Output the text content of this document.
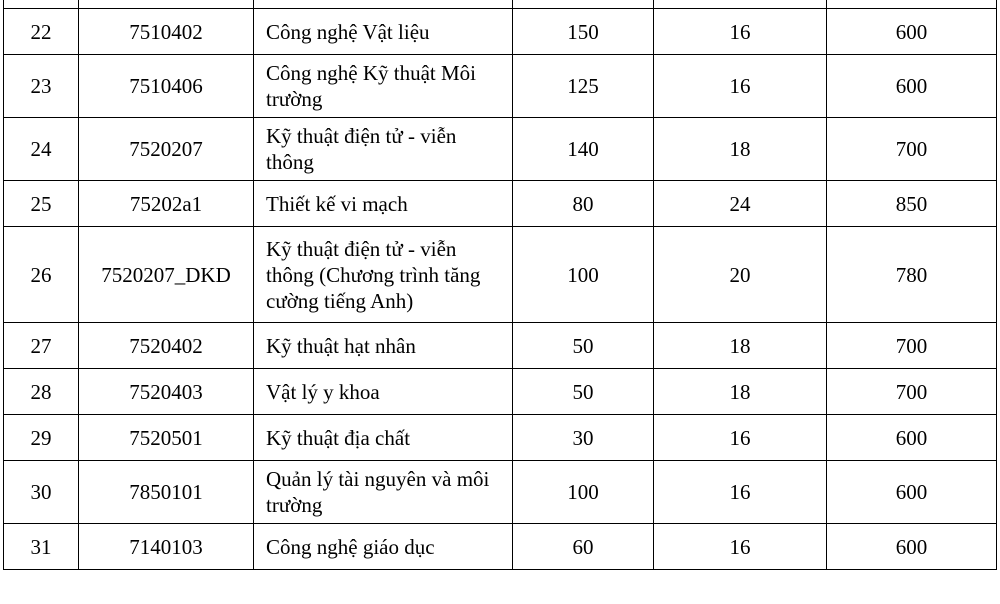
22	7510402	Công nghệ Vật liệu	150	16	600
23	7510406	Công nghệ Kỹ thuật Môi trường	125	16	600
24	7520207	Kỹ thuật điện tử - viễn thông	140	18	700
25	75202a1	Thiết kế vi mạch	80	24	850
26	7520207_DKD	Kỹ thuật điện tử - viễn thông (Chương trình tăng cường tiếng Anh)	100	20	780
27	7520402	Kỹ thuật hạt nhân	50	18	700
28	7520403	Vật lý y khoa	50	18	700
29	7520501	Kỹ thuật địa chất	30	16	600
30	7850101	Quản lý tài nguyên và môi trường	100	16	600
31	7140103	Công nghệ giáo dục	60	16	600
